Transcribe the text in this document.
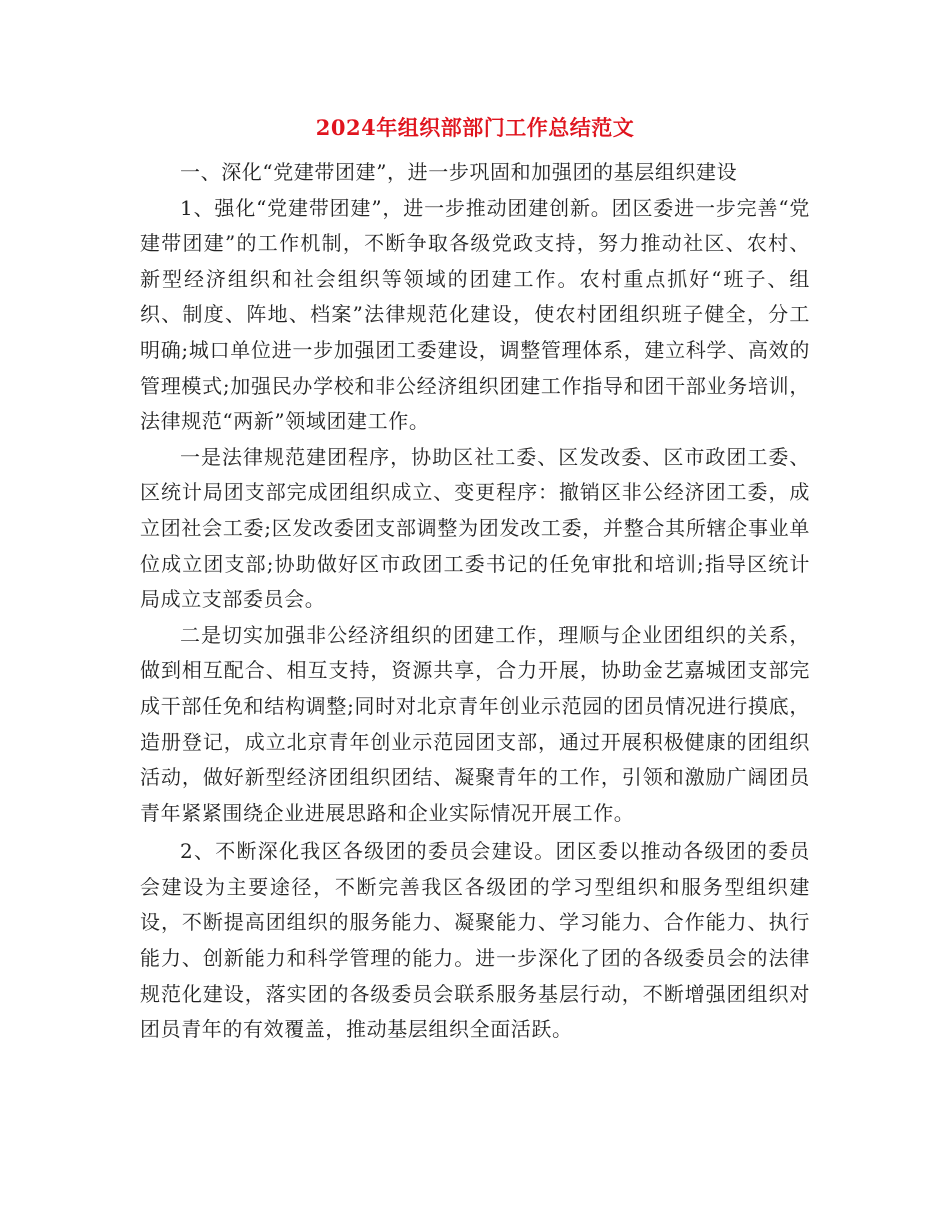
2024年组织部部门工作总结范文

一、深化“党建带团建”，进一步巩固和加强团的基层组织建设

1、强化“党建带团建”，进一步推动团建创新。团区委进一步完善“党建带团建”的工作机制，不断争取各级党政支持，努力推动社区、农村、新型经济组织和社会组织等领域的团建工作。农村重点抓好“班子、组织、制度、阵地、档案”法律规范化建设，使农村团组织班子健全，分工明确;城口单位进一步加强团工委建设，调整管理体系，建立科学、高效的管理模式;加强民办学校和非公经济组织团建工作指导和团干部业务培训，法律规范“两新”领域团建工作。

一是法律规范建团程序，协助区社工委、区发改委、区市政团工委、区统计局团支部完成团组织成立、变更程序：撤销区非公经济团工委，成立团社会工委;区发改委团支部调整为团发改工委，并整合其所辖企事业单位成立团支部;协助做好区市政团工委书记的任免审批和培训;指导区统计局成立支部委员会。

二是切实加强非公经济组织的团建工作，理顺与企业团组织的关系，做到相互配合、相互支持，资源共享，合力开展，协助金艺嘉城团支部完成干部任免和结构调整;同时对北京青年创业示范园的团员情况进行摸底，造册登记，成立北京青年创业示范园团支部，通过开展积极健康的团组织活动，做好新型经济团组织团结、凝聚青年的工作，引领和激励广阔团员青年紧紧围绕企业进展思路和企业实际情况开展工作。

2、不断深化我区各级团的委员会建设。团区委以推动各级团的委员会建设为主要途径，不断完善我区各级团的学习型组织和服务型组织建设，不断提高团组织的服务能力、凝聚能力、学习能力、合作能力、执行能力、创新能力和科学管理的能力。进一步深化了团的各级委员会的法律规范化建设，落实团的各级委员会联系服务基层行动，不断增强团组织对团员青年的有效覆盖，推动基层组织全面活跃。
